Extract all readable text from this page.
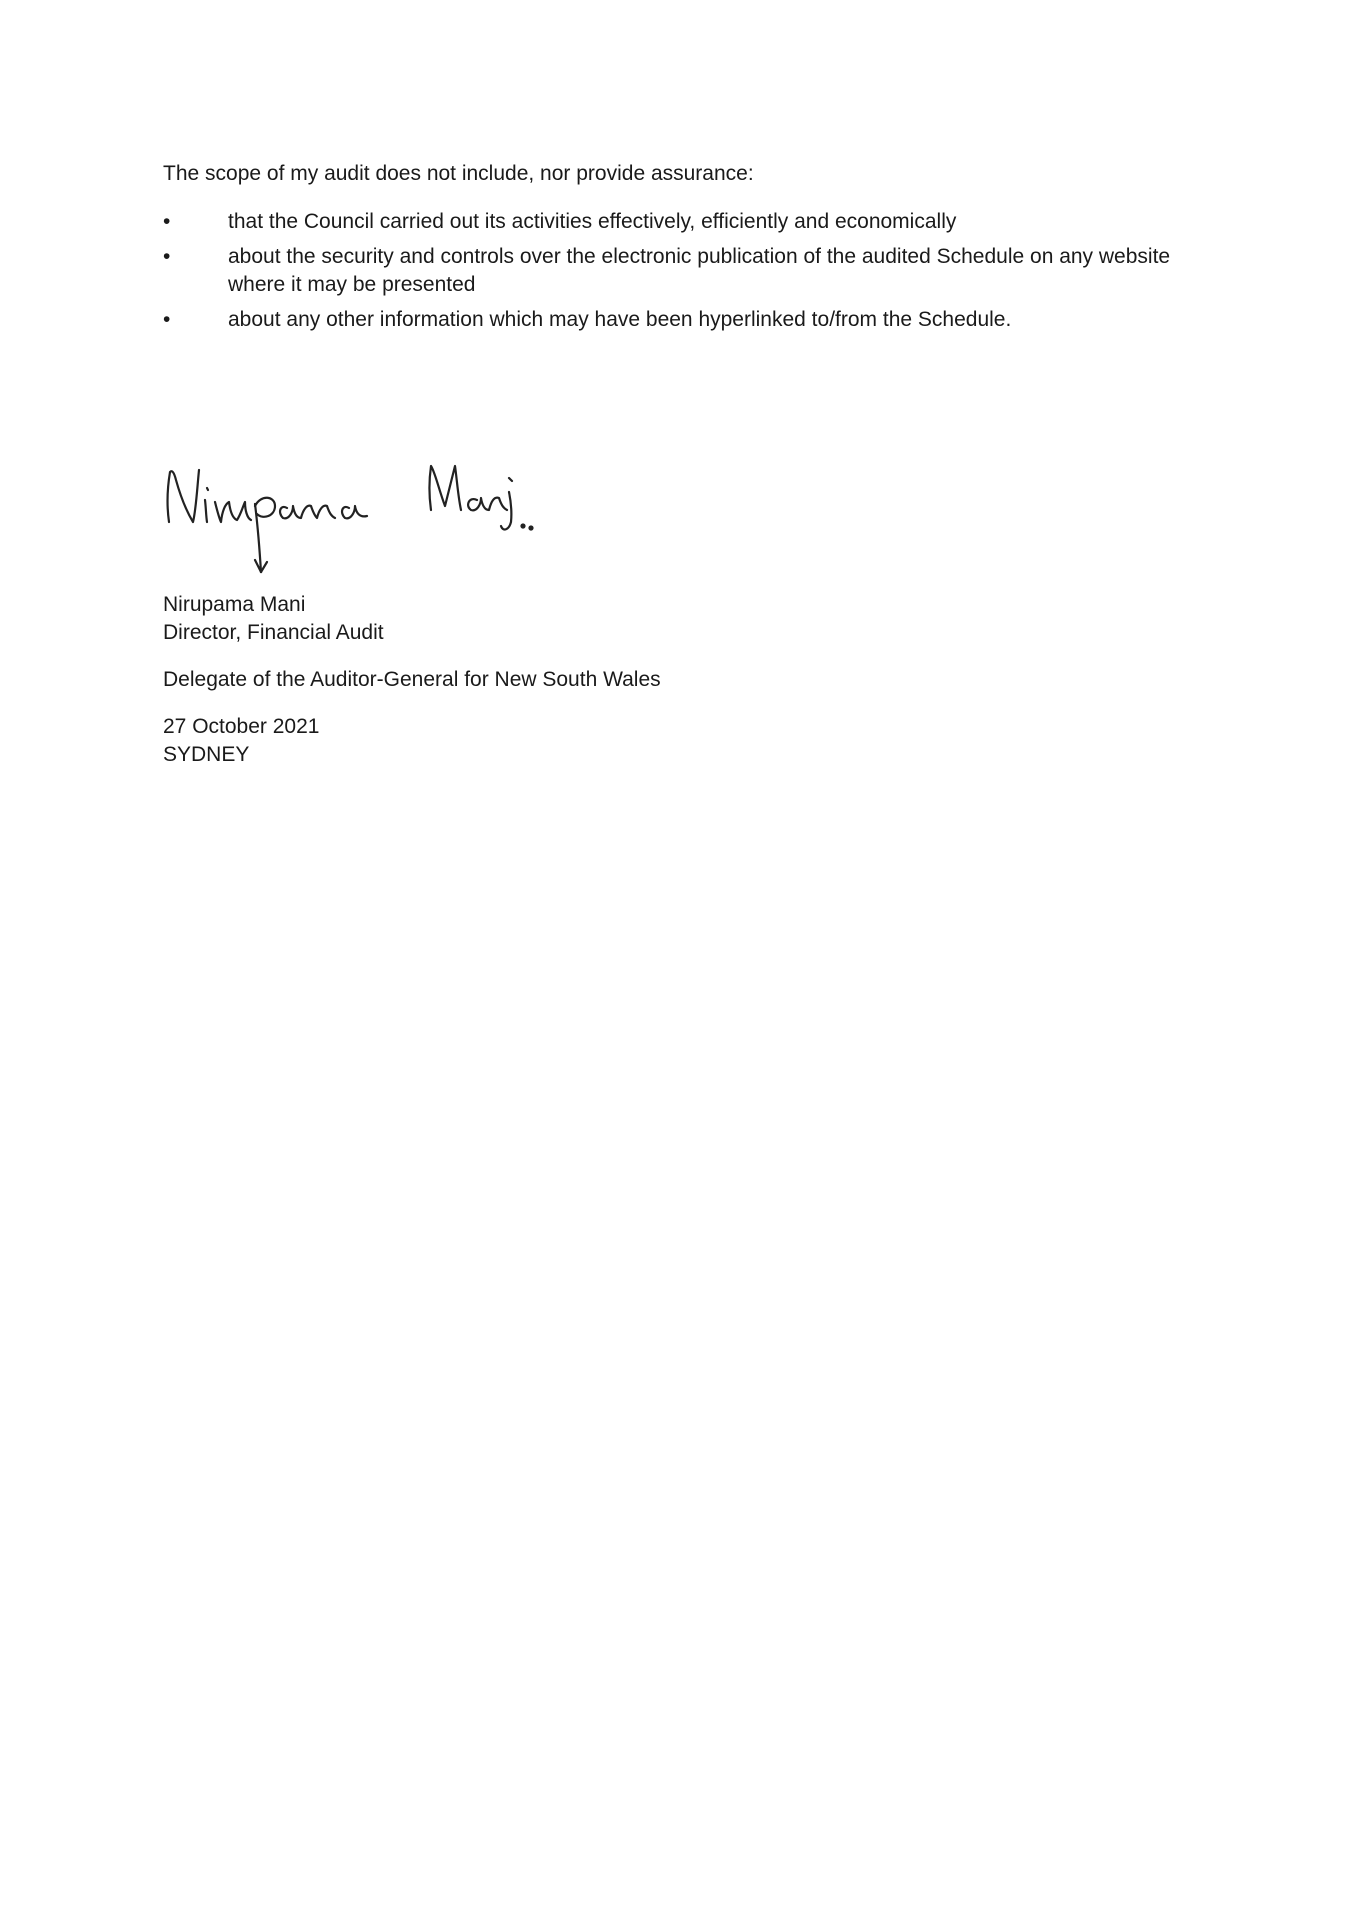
The scope of my audit does not include, nor provide assurance:

•	that the Council carried out its activities effectively, efficiently and economically
•	about the security and controls over the electronic publication of the audited Schedule on any website where it may be presented
•	about any other information which may have been hyperlinked to/from the Schedule.

Nirupama Mani

Director, Financial Audit

Delegate of the Auditor-General for New South Wales

27 October 2021

SYDNEY
